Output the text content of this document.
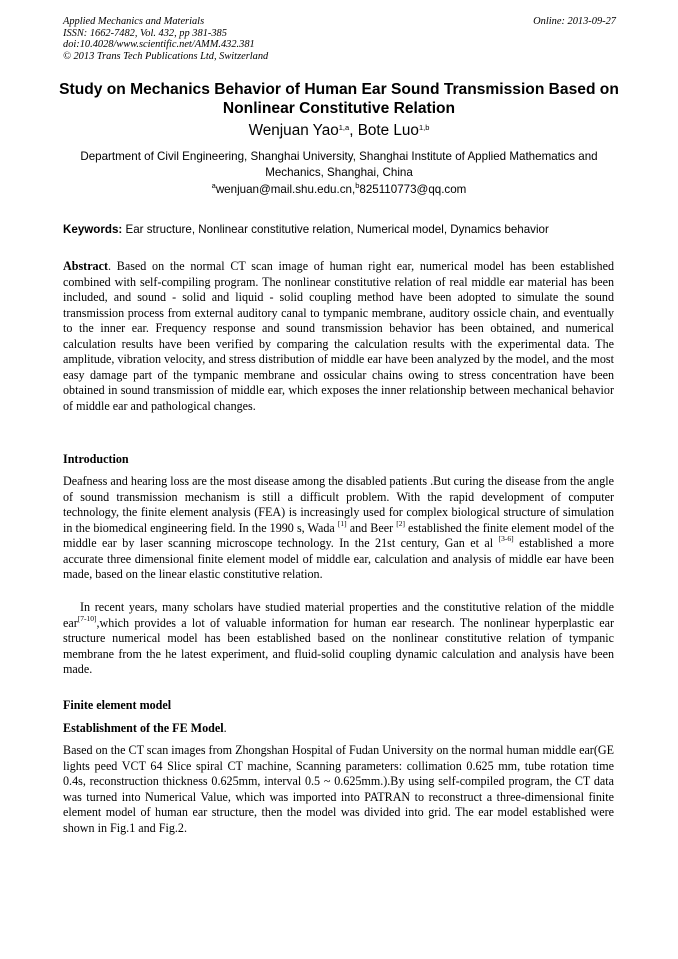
Applied Mechanics and Materials
ISSN: 1662-7482, Vol. 432, pp 381-385
doi:10.4028/www.scientific.net/AMM.432.381
© 2013 Trans Tech Publications Ltd, Switzerland
Online: 2013-09-27
Study on Mechanics Behavior of Human Ear Sound Transmission Based on Nonlinear Constitutive Relation
Wenjuan Yao$^{1,a}$, Bote Luo$^{1,b}$
Department of Civil Engineering, Shanghai University, Shanghai Institute of Applied Mathematics and Mechanics, Shanghai, China
$^a$wenjuan@mail.shu.edu.cn,$^b$825110773@qq.com
Keywords: Ear structure, Nonlinear constitutive relation, Numerical model, Dynamics behavior
Abstract. Based on the normal CT scan image of human right ear, numerical model has been established combined with self-compiling program. The nonlinear constitutive relation of real middle ear material has been included, and sound - solid and liquid - solid coupling method have been adopted to simulate the sound transmission process from external auditory canal to tympanic membrane, auditory ossicle chain, and eventually to the inner ear. Frequency response and sound transmission behavior has been obtained, and numerical calculation results have been verified by comparing the calculation results with the experimental data. The amplitude, vibration velocity, and stress distribution of middle ear have been analyzed by the model, and the most easy damage part of the tympanic membrane and ossicular chains owing to stress concentration have been obtained in sound transmission of middle ear, which exposes the inner relationship between mechanical behavior of middle ear and pathological changes.
Introduction
Deafness and hearing loss are the most disease among the disabled patients .But curing the disease from the angle of sound transmission mechanism is still a difficult problem. With the rapid development of computer technology, the finite element analysis (FEA) is increasingly used for complex biological structure of simulation in the biomedical engineering field. In the 1990 s, Wada [1] and Beer [2] established the finite element model of the middle ear by laser scanning microscope technology. In the 21st century, Gan et al [3-6] established a more accurate three dimensional finite element model of middle ear, calculation and analysis of middle ear have been made, based on the linear elastic constitutive relation.
In recent years, many scholars have studied material properties and the constitutive relation of the middle ear[7-10],which provides a lot of valuable information for human ear research. The nonlinear hyperplastic ear structure numerical model has been established based on the nonlinear constitutive relation of tympanic membrane from the he latest experiment, and fluid-solid coupling dynamic calculation and analysis have been made.
Finite element model
Establishment of the FE Model.
Based on the CT scan images from Zhongshan Hospital of Fudan University on the normal human middle ear(GE lights peed VCT 64 Slice spiral CT machine, Scanning parameters: collimation 0.625 mm, tube rotation time 0.4s, reconstruction thickness 0.625mm, interval 0.5 ~ 0.625mm.).By using self-compiled program, the CT data was turned into Numerical Value, which was imported into PATRAN to reconstruct a three-dimensional finite element model of human ear structure, then the model was divided into grid. The ear model established were shown in Fig.1 and Fig.2.
